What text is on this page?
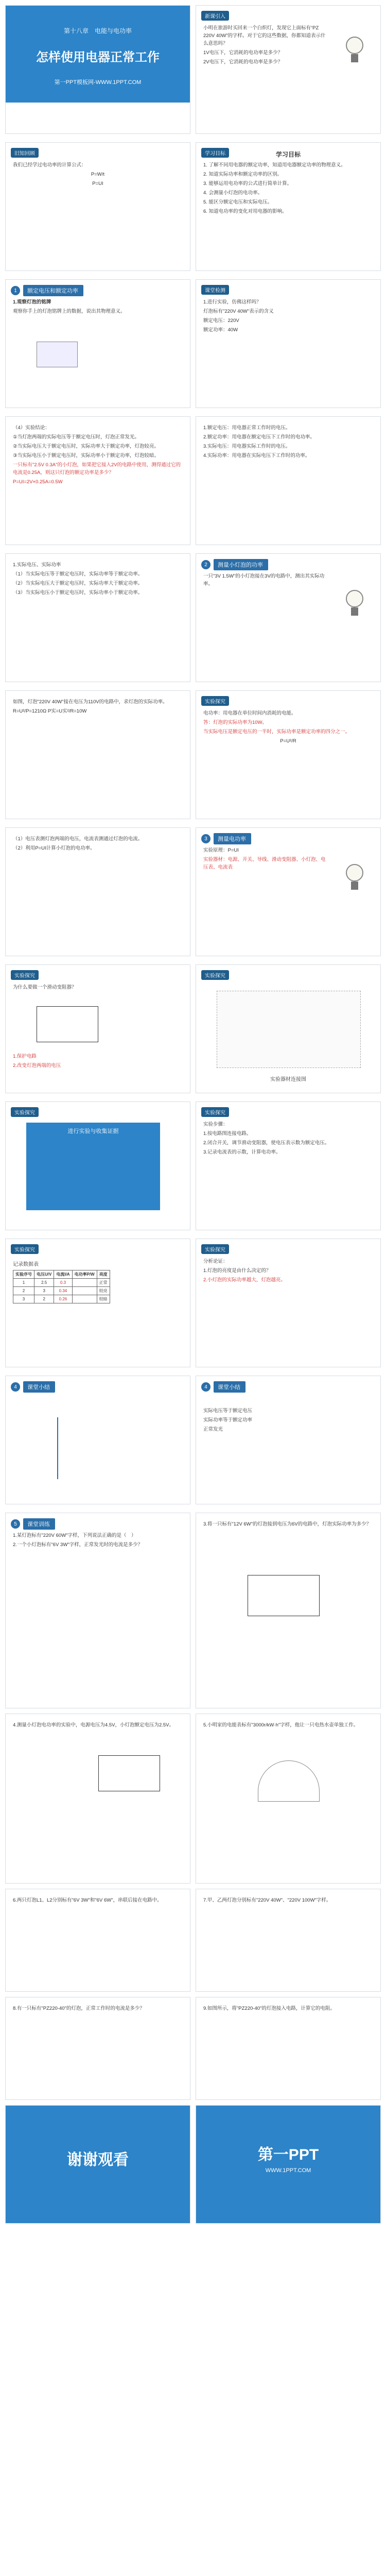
第十八章　电能与电功率
怎样使用电器正常工作
第一PPT模板网-WWW.1PPT.COM
新课引入

小明在旅游时买回来一个白炽灯，发现它上面标有“PZ 220V 40W”的字样。对于它的这些数据，你都知道表示什么意思吗？

1V电压下，它消耗的电功率是多少？

2V电压下，它消耗的电功率是多少？

旧知回顾

我们已经学过电功率的计算公式：

P=W/t

P=UI

学习目标	学习目标

1. 了解不同用电器的额定功率，知道用电器额定功率的物理意义。

2. 知道实际功率和额定功率的区别。

3. 能够运用电功率的公式进行简单计算。

4. 会测量小灯泡的电功率。

5. 能区分额定电压和实际电压。

6. 知道电功率的变化对用电器的影响。

1	额定电压和额定功率

1.观察灯泡的铭牌

观察你手上的灯泡铭牌上的数据，说出其物理意义。

课堂检测

1.进行实验，仿佛这样吗？

灯泡标有"220V 40W"表示的含义

额定电压：220V

额定功率：40W

（4）实验结论：

①当灯泡两端的实际电压等于额定电压时，灯泡正常发光。

②当实际电压大于额定电压时，实际功率大于额定功率，灯泡较亮。

③当实际电压小于额定电压时，实际功率小于额定功率，灯泡较暗。

一只标有"2.5V 0.3A"的小灯泡，如果把它接入2V的电路中使用，测得通过它的电流是0.25A，则这只灯泡的额定功率是多少？

P=UI=2V×0.25A=0.5W

1.额定电压：用电器正常工作时的电压。

2.额定功率：用电器在额定电压下工作时的电功率。

3.实际电压：用电器实际工作时的电压。

4.实际功率：用电器在实际电压下工作时的功率。

1.实际电压、实际功率

（1）当实际电压等于额定电压时，实际功率等于额定功率。

（2）当实际电压大于额定电压时，实际功率大于额定功率。

（3）当实际电压小于额定电压时，实际功率小于额定功率。

2	测量小灯泡的功率

一只"3V 1.5W"的小灯泡接在3V的电路中，测出其实际功率。

如图，灯泡"220V 40W"接在电压为110V的电路中，求灯泡的实际功率。

R=U²/P=1210Ω P实=U实²/R=10W

实验探究

电功率：用电器在单位时间内消耗的电能。

答：灯泡的实际功率为10W。

当实际电压是额定电压的一半时，实际功率是额定功率的四分之一。

P=U²/R

（1）电压表测灯泡两端的电压，电流表测通过灯泡的电流。

（2）利用P=UI计算小灯泡的电功率。

3	测量电功率

实验原理：P=UI

实验器材：电源、开关、导线、滑动变阻器、小灯泡、电压表、电流表

实验探究

为什么要做一个滑动变阻器？

1.保护电路

2.改变灯泡两端的电压

实验探究
实验器材连接图
实验探究
进行实验与收集证据
实验探究

实验步骤：

1.按电路图连接电路。

2.闭合开关，调节滑动变阻器，使电压表示数为额定电压。

3.记录电流表的示数，计算电功率。

实验探究
记录数据表
实验序号	电压U/V	电流I/A	电功率P/W	亮度
1	2.5	0.3		正常
2	3	0.34		较亮
3	2	0.26		较暗
实验探究

分析论证：

1.灯泡的亮度是由什么决定的？

2.小灯泡的实际功率越大，灯泡越亮。

4	课堂小结	4	课堂小结

实际电压等于额定电压

实际功率等于额定功率

正常发光

5	课堂训练

1.某灯泡标有"220V 60W"字样，下列说法正确的是（　）

2.一个小灯泡标有"6V 3W"字样，正常发光时的电流是多少？

3.将一只标有"12V 6W"的灯泡接到电压为6V的电路中，灯泡实际功率为多少？

4.测量小灯泡电功率的实验中，电源电压为4.5V，小灯泡额定电压为2.5V。	5.小明家的电能表标有"3000r/kW·h"字样，他让一只电热水壶单独工作。

6.两只灯泡L1、L2分别标有"6V 3W"和"6V 6W"，串联后接在电路中。	7.甲、乙两灯泡分别标有"220V 40W"、"220V 100W"字样。

8.有一只标有"PZ220-40"的灯泡，正常工作时的电流是多少？	9.如图所示，将"PZ220-40"的灯泡接入电路，计算它的电阻。

谢谢观看	第一PPT
WWW.1PPT.COM
